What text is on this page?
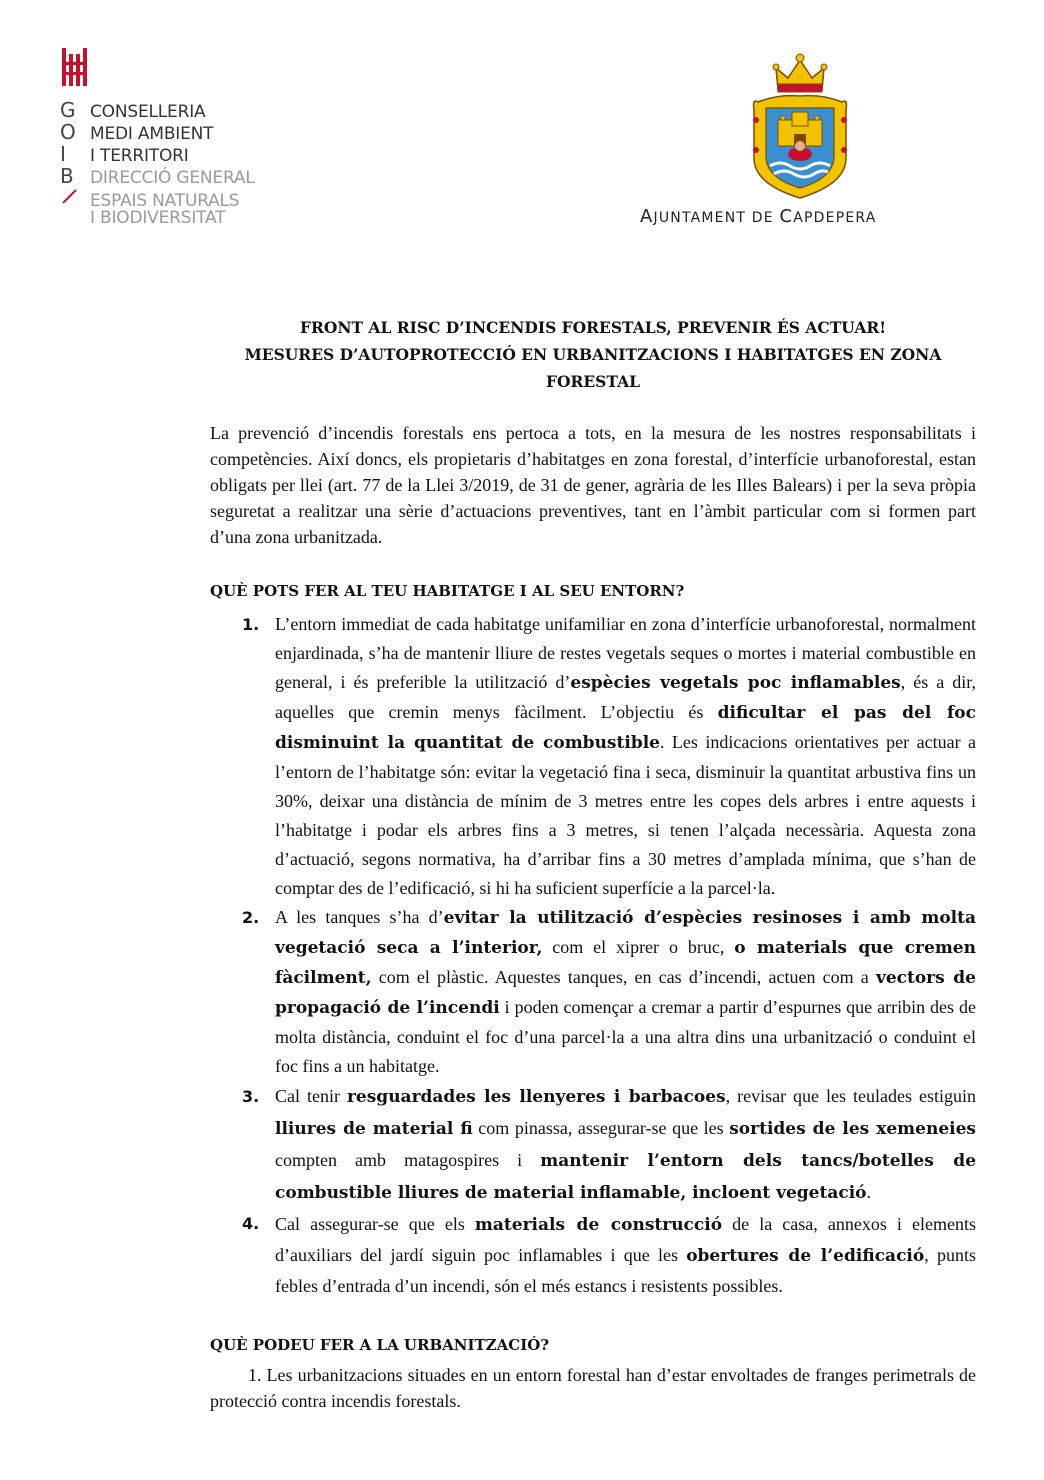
G CONSELLERIA
O MEDI AMBIENT
I	I TERRITORI
B DIRECCIÓ GENERAL
ESPAIS NATURALS
I BIODIVERSITAT	AJUNTAMENT DE CAPDEPERA
FRONT AL RISC D’INCENDIS FORESTALS, PREVENIR ÉS ACTUAR!
MESURES D’AUTOPROTECCIÓ EN URBANITZACIONS I HABITATGES EN ZONA
FORESTAL

La prevenció d’incendis forestals ens pertoca a tots, en la mesura de les nostres responsabilitats i competències. Així doncs, els propietaris d’habitatges en zona forestal, d’interfície urbanoforestal, estan obligats per llei (art. 77 de la Llei 3/2019, de 31 de gener, agrària de les Illes Balears) i per la seva pròpia seguretat a realitzar una sèrie d’actuacions preventives, tant en l’àmbit particular com si formen part d’una zona urbanitzada.

QUÈ POTS FER AL TEU HABITATGE I AL SEU ENTORN?
1. L’entorn immediat de cada habitatge unifamiliar en zona d’interfície urbanoforestal, normalment enjardinada, s’ha de mantenir lliure de restes vegetals seques o mortes i material combustible en general, i és preferible la utilització d’espècies vegetals poc inflamables, és a dir, aquelles que cremin menys fàcilment. L’objectiu és dificultar el pas del foc disminuint la quantitat de combustible. Les indicacions orientatives per actuar a l’entorn de l’habitatge són: evitar la vegetació fina i seca, disminuir la quantitat arbustiva fins un 30%, deixar una distància de mínim de 3 metres entre les copes dels arbres i entre aquests i l’habitatge i podar els arbres fins a 3 metres, si tenen l’alçada necessària. Aquesta zona d’actuació, segons normativa, ha d’arribar fins a 30 metres d’amplada mínima, que s’han de comptar des de l’edificació, si hi ha suficient superfície a la parcel·la.
2. A les tanques s’ha d’evitar la utilització d’espècies resinoses i amb molta vegetació seca a l’interior, com el xiprer o bruc, o materials que cremen fàcilment, com el plàstic. Aquestes tanques, en cas d’incendi, actuen com a vectors de propagació de l’incendi i poden començar a cremar a partir d’espurnes que arribin des de molta distància, conduint el foc d’una parcel·la a una altra dins una urbanització o conduint el foc fins a un habitatge.
3. Cal tenir resguardades les llenyeres i barbacoes, revisar que les teulades estiguin lliures de material fi com pinassa, assegurar-se que les sortides de les xemeneies compten amb matagospires i mantenir l’entorn dels tancs/botelles de combustible lliures de material inflamable, incloent vegetació.
4. Cal assegurar-se que els materials de construcció de la casa, annexos i elements d’auxiliars del jardí siguin poc inflamables i que les obertures de l’edificació, punts febles d’entrada d’un incendi, són el més estancs i resistents possibles.
QUÈ PODEU FER A LA URBANITZACIÓ?

1. Les urbanitzacions situades en un entorn forestal han d’estar envoltades de franges perimetrals de protecció contra incendis forestals.
